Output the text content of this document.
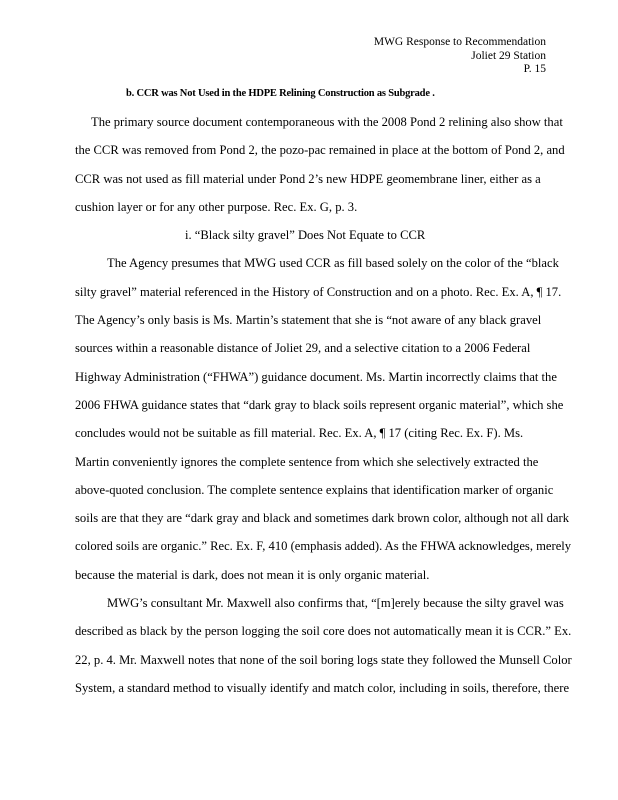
MWG Response to Recommendation
Joliet 29 Station
P. 15
b. CCR was Not Used in the HDPE Relining Construction as Subgrade .
The primary source document contemporaneous with the 2008 Pond 2 relining also show that
the CCR was removed from Pond 2, the pozo-pac remained in place at the bottom of Pond 2, and
CCR was not used as fill material under Pond 2’s new HDPE geomembrane liner, either as a
cushion layer or for any other purpose. Rec. Ex. G, p. 3.
i. “Black silty gravel” Does Not Equate to CCR
The Agency presumes that MWG used CCR as fill based solely on the color of the “black
silty gravel” material referenced in the History of Construction and on a photo. Rec. Ex. A, ¶ 17.
The Agency’s only basis is Ms. Martin’s statement that she is “not aware of any black gravel
sources within a reasonable distance of Joliet 29, and a selective citation to a 2006 Federal
Highway Administration (“FHWA”) guidance document. Ms. Martin incorrectly claims that the
2006 FHWA guidance states that “dark gray to black soils represent organic material”, which she
concludes would not be suitable as fill material. Rec. Ex. A, ¶ 17 (citing Rec. Ex. F). Ms.
Martin conveniently ignores the complete sentence from which she selectively extracted the
above-quoted conclusion. The complete sentence explains that identification marker of organic
soils are that they are “dark gray and black and sometimes dark brown color, although not all dark
colored soils are organic.” Rec. Ex. F, 410 (emphasis added). As the FHWA acknowledges, merely
because the material is dark, does not mean it is only organic material.
MWG’s consultant Mr. Maxwell also confirms that, “[m]erely because the silty gravel was
described as black by the person logging the soil core does not automatically mean it is CCR.” Ex.
22, p. 4. Mr. Maxwell notes that none of the soil boring logs state they followed the Munsell Color
System, a standard method to visually identify and match color, including in soils, therefore, there
